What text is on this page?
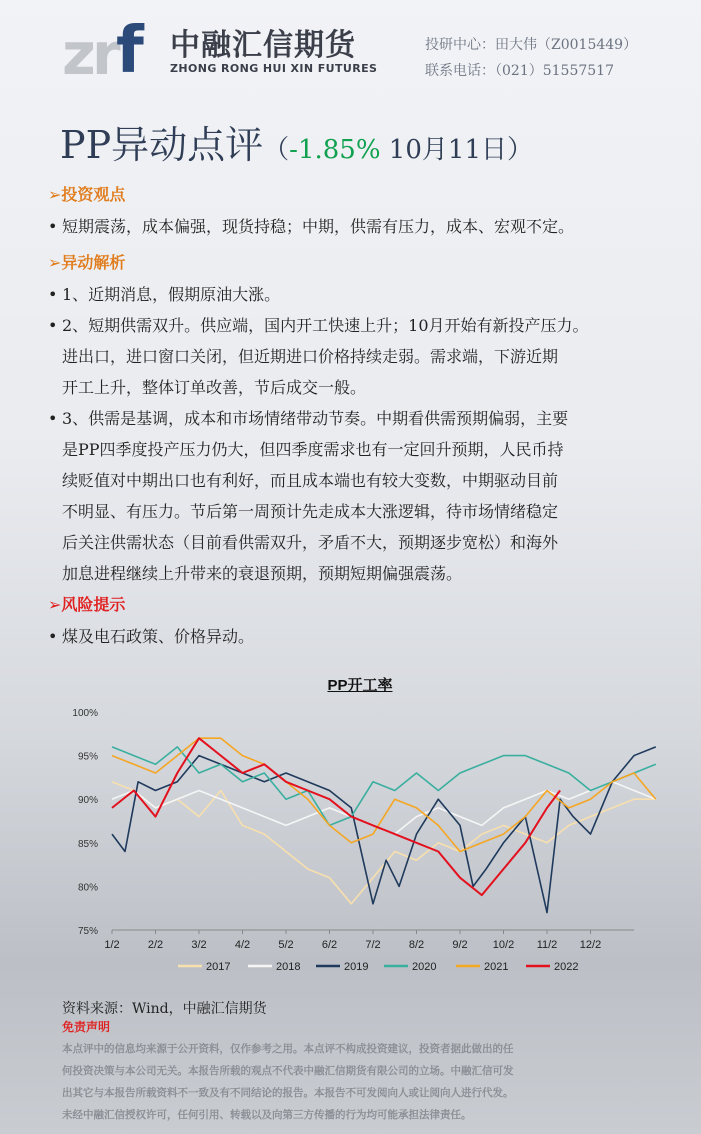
z
r
f 中融汇信期货
ZHONG RONG HUI XIN FUTURES
投研中心：田大伟（Z0015449）
联系电话：（021）51557517
PP异动点评（-1.85% 10月11日）
➢投资观点
• 短期震荡，成本偏强，现货持稳；中期，供需有压力，成本、宏观不定。
➢异动解析
• 1、近期消息，假期原油大涨。
• 2、短期供需双升。供应端，国内开工快速上升；10月开始有新投产压力。
进出口，进口窗口关闭，但近期进口价格持续走弱。需求端，下游近期
开工上升，整体订单改善，节后成交一般。
• 3、供需是基调，成本和市场情绪带动节奏。中期看供需预期偏弱，主要
是PP四季度投产压力仍大，但四季度需求也有一定回升预期，人民币持
续贬值对中期出口也有利好，而且成本端也有较大变数，中期驱动目前
不明显、有压力。节后第一周预计先走成本大涨逻辑，待市场情绪稳定
后关注供需状态（目前看供需双升，矛盾不大，预期逐步宽松）和海外
加息进程继续上升带来的衰退预期，预期短期偏强震荡。
➢风险提示
• 煤及电石政策、价格异动。
PP开工率
75%
80%
85%
90%
95%
100%
1/2	2/2	3/2	4/2	5/2	6/2	7/2	8/2	9/2 10/2 11/2 12/2
2017	2018	2019	2020	2021	2022
资料来源：Wind，中融汇信期货
免责声明
本点评中的信息均来源于公开资料，仅作参考之用。本点评不构成投资建议，投资者据此做出的任
何投资决策与本公司无关。本报告所载的观点不代表中融汇信期货有限公司的立场。中融汇信可发
出其它与本报告所载资料不一致及有不同结论的报告。本报告不可发阅向人或让阅向人进行代发。
未经中融汇信授权许可，任何引用、转载以及向第三方传播的行为均可能承担法律责任。
